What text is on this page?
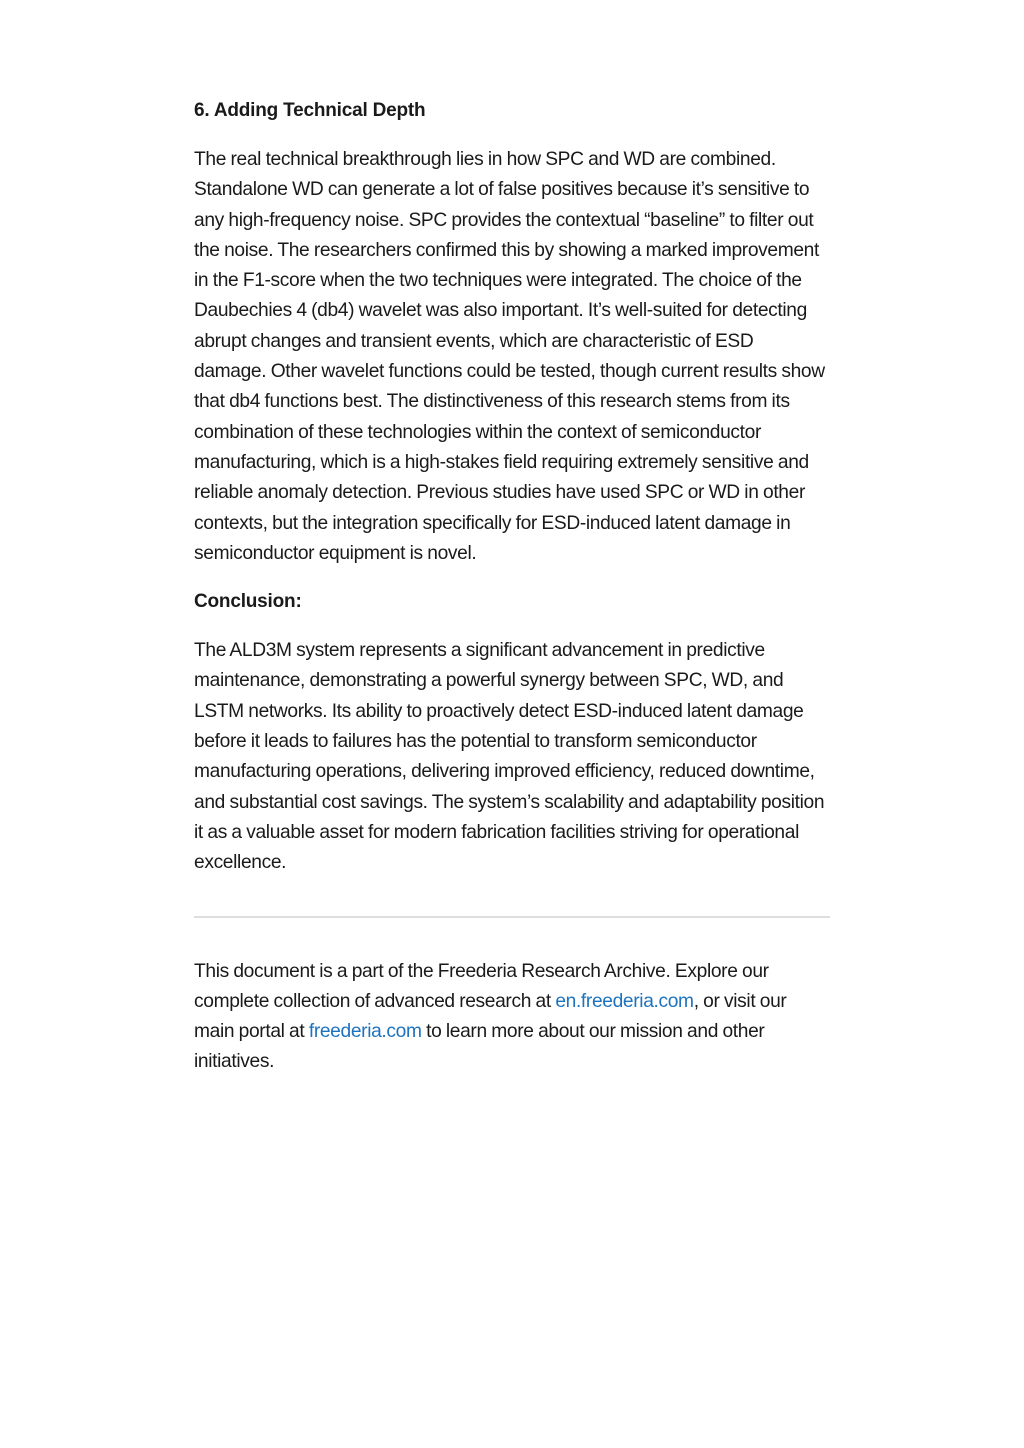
6. Adding Technical Depth

The real technical breakthrough lies in how SPC and WD are combined. Standalone WD can generate a lot of false positives because it’s sensitive to any high-frequency noise. SPC provides the contextual “baseline” to filter out the noise. The researchers confirmed this by showing a marked improvement in the F1-score when the two techniques were integrated. The choice of the Daubechies 4 (db4) wavelet was also important. It’s well-suited for detecting abrupt changes and transient events, which are characteristic of ESD damage. Other wavelet functions could be tested, though current results show that db4 functions best. The distinctiveness of this research stems from its combination of these technologies within the context of semiconductor manufacturing, which is a high-stakes field requiring extremely sensitive and reliable anomaly detection. Previous studies have used SPC or WD in other contexts, but the integration specifically for ESD-induced latent damage in semiconductor equipment is novel.

Conclusion:

The ALD3M system represents a significant advancement in predictive maintenance, demonstrating a powerful synergy between SPC, WD, and LSTM networks. Its ability to proactively detect ESD-induced latent damage before it leads to failures has the potential to transform semiconductor manufacturing operations, delivering improved efficiency, reduced downtime, and substantial cost savings. The system’s scalability and adaptability position it as a valuable asset for modern fabrication facilities striving for operational excellence.

This document is a part of the Freederia Research Archive. Explore our complete collection of advanced research at en.freederia.com, or visit our main portal at freederia.com to learn more about our mission and other initiatives.
